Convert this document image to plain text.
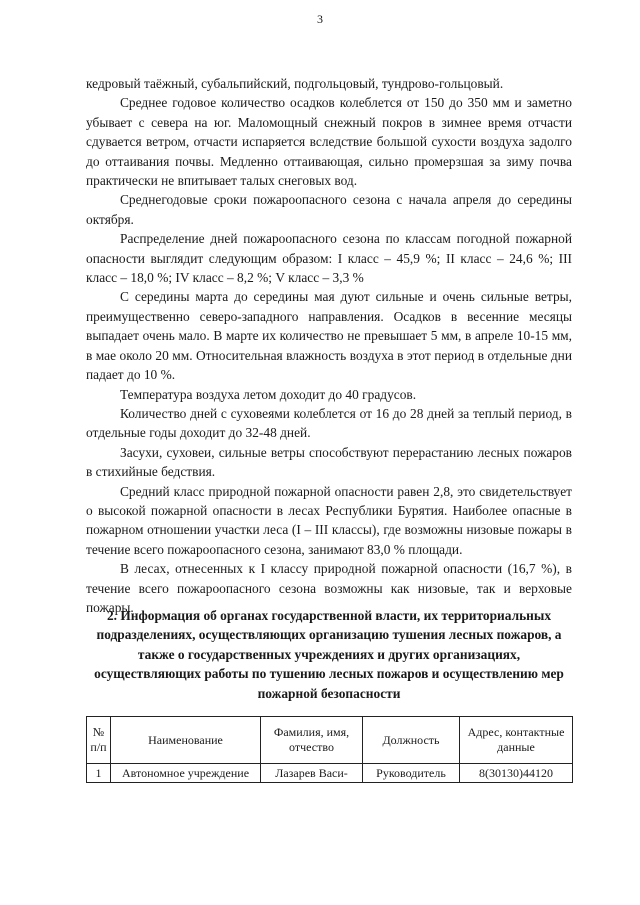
3

кедровый таёжный, субальпийский, подгольцовый, тундрово-гольцовый.

Среднее годовое количество осадков колеблется от 150 до 350 мм и заметно убывает с севера на юг. Маломощный снежный покров в зимнее время отчасти сдувается ветром, отчасти испаряется вследствие большой сухости воздуха задолго до оттаивания почвы. Медленно оттаивающая, сильно промерзшая за зиму почва практически не впитывает талых снеговых вод.

Среднегодовые сроки пожароопасного сезона с начала апреля до середины октября.

Распределение дней пожароопасного сезона по классам погодной пожарной опасности выглядит следующим образом: I класс – 45,9 %; II класс – 24,6 %; III класс – 18,0 %; IV класс – 8,2 %; V класс – 3,3 %

С середины марта до середины мая дуют сильные и очень сильные ветры, преимущественно северо-западного направления. Осадков в весенние месяцы выпадает очень мало. В марте их количество не превышает 5 мм, в апреле 10-15 мм, в мае около 20 мм. Относительная влажность воздуха в этот период в отдельные дни падает до 10 %.

Температура воздуха летом доходит до 40 градусов.

Количество дней с суховеями колеблется от 16 до 28 дней за теплый период, в отдельные годы доходит до 32-48 дней.

Засухи, суховеи, сильные ветры способствуют перерастанию лесных пожаров в стихийные бедствия.

Средний класс природной пожарной опасности равен 2,8, это свидетельствует о высокой пожарной опасности в лесах Республики Бурятия. Наиболее опасные в пожарном отношении участки леса (I – III классы), где возможны низовые пожары в течение всего пожароопасного сезона, занимают 83,0 % площади.

В лесах, отнесенных к I классу природной пожарной опасности (16,7 %), в течение всего пожароопасного сезона возможны как низовые, так и верховые пожары.

2. Информация об органах государственной власти, их территориальных подразделениях, осуществляющих организацию тушения лесных пожаров, а также о государственных учреждениях и других организациях, осуществляющих работы по тушению лесных пожаров и осуществлению мер пожарной безопасности
№ п/п	Наименование	Фамилия, имя, отчество	Должность	Адрес, контактные данные
1	Автономное учреждение	Лазарев Васи-	Руководитель	8(30130)44120
